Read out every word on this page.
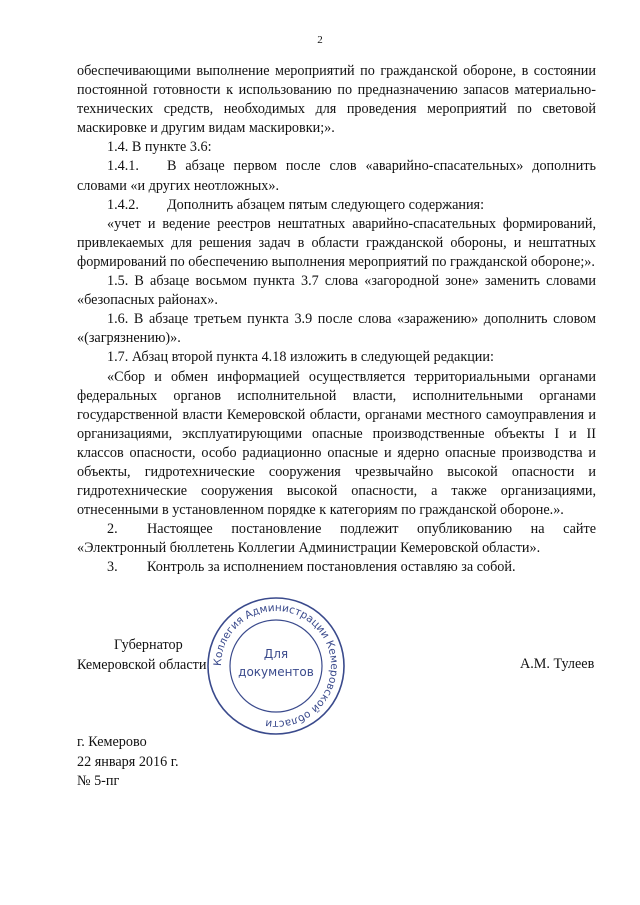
2

обеспечивающими выполнение мероприятий по гражданской обороне, в состоянии постоянной готовности к использованию по предназначению запасов материально-технических средств, необходимых для проведения мероприятий по световой маскировке и другим видам маскировки;».

1.4. В пункте 3.6:

1.4.1. В абзаце первом после слов «аварийно-спасательных» дополнить словами «и других неотложных».

1.4.2. Дополнить абзацем пятым следующего содержания:

«учет и ведение реестров нештатных аварийно-спасательных формирований, привлекаемых для решения задач в области гражданской обороны, и нештатных формирований по обеспечению выполнения мероприятий по гражданской обороне;».

1.5. В абзаце восьмом пункта 3.7 слова «загородной зоне» заменить словами «безопасных районах».

1.6. В абзаце третьем пункта 3.9 после слова «заражению» дополнить словом «(загрязнению)».

1.7. Абзац второй пункта 4.18 изложить в следующей редакции:

«Сбор и обмен информацией осуществляется территориальными органами федеральных органов исполнительной власти, исполнительными органами государственной власти Кемеровской области, органами местного самоуправления и организациями, эксплуатирующими опасные производственные объекты I и II классов опасности, особо радиационно опасные и ядерно опасные производства и объекты, гидротехнические сооружения чрезвычайно высокой опасности и гидротехнические сооружения высокой опасности, а также организациями, отнесенными в установленном порядке к категориям по гражданской обороне.».

2. Настоящее постановление подлежит опубликованию на сайте «Электронный бюллетень Коллегии Администрации Кемеровской области».

3. Контроль за исполнением постановления оставляю за собой.

Губернатор
Кемеровской области Коллегия Администрации Кемеровской области
Для
документов	А.М. Тулеев
г. Кемерово
22 января 2016 г.
№ 5-пг
